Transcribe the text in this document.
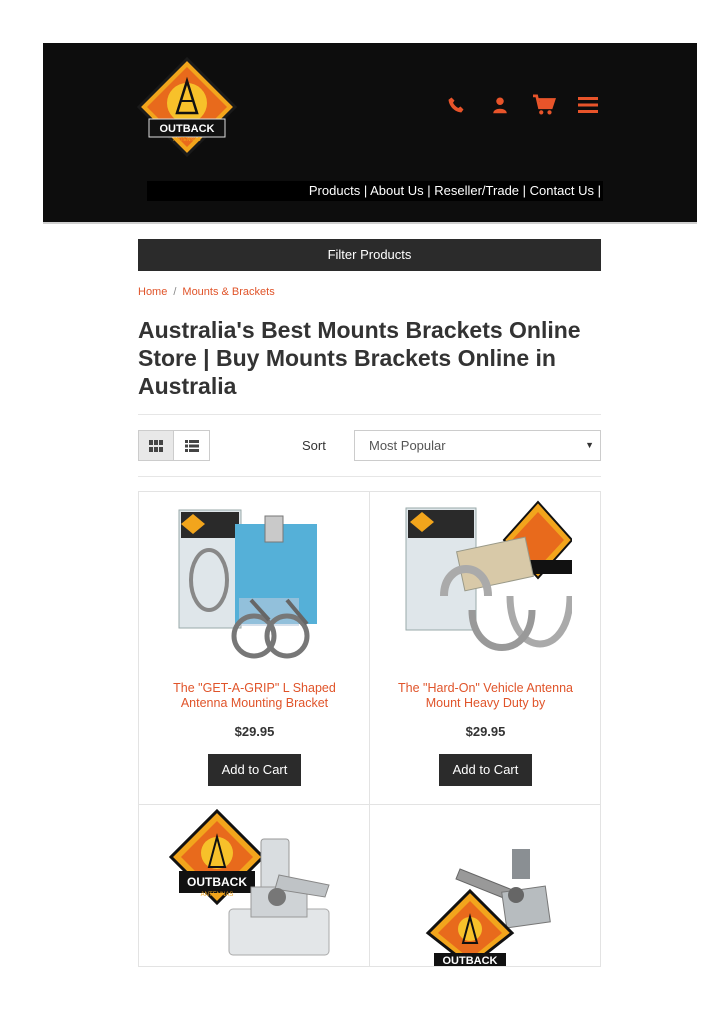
OUTBACK
ANTENNAS
Products | About Us | Reseller/Trade | Contact Us |
Filter Products
Home / Mounts & Brackets
Australia's Best Mounts Brackets Online Store | Buy Mounts Brackets Online in Australia
Sort	Most Popular	▼
The "GET-A-GRIP" L Shaped Antenna Mounting Bracket
$29.95
Add to Cart
The "Hard-On" Vehicle Antenna Mount Heavy Duty by
$29.95
Add to Cart
OUTBACK
ANTENNAS
OUTBACK
